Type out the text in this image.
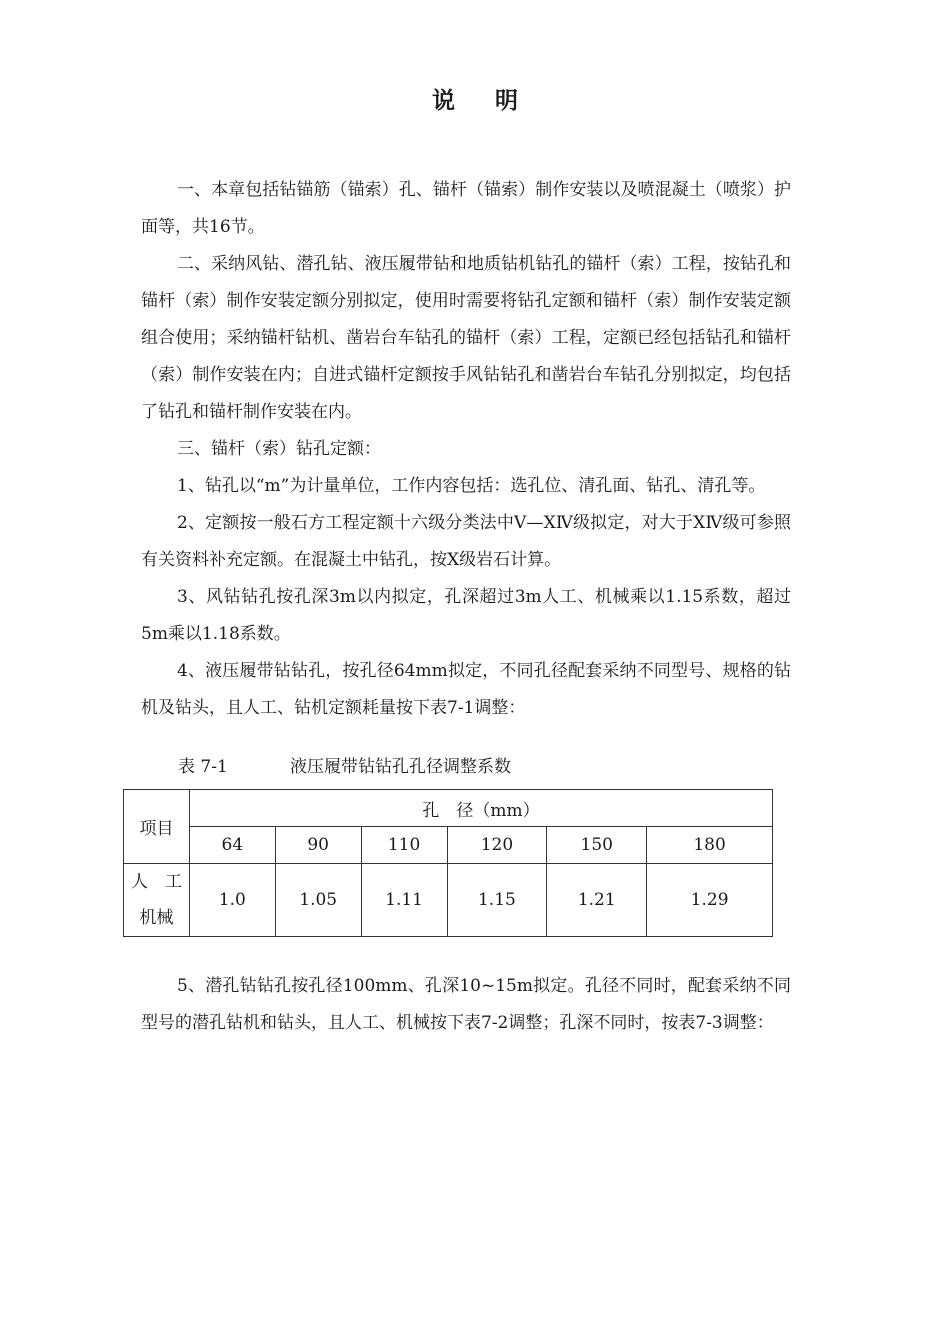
说 明

一、本章包括钻锚筋（锚索）孔、锚杆（锚索）制作安装以及喷混凝土（喷浆）护面等，共16节。

二、采纳风钻、潜孔钻、液压履带钻和地质钻机钻孔的锚杆（索）工程，按钻孔和锚杆（索）制作安装定额分别拟定，使用时需要将钻孔定额和锚杆（索）制作安装定额组合使用；采纳锚杆钻机、凿岩台车钻孔的锚杆（索）工程，定额已经包括钻孔和锚杆（索）制作安装在内；自进式锚杆定额按手风钻钻孔和凿岩台车钻孔分别拟定，均包括了钻孔和锚杆制作安装在内。

三、锚杆（索）钻孔定额：

1、钻孔以“m”为计量单位，工作内容包括：选孔位、清孔面、钻孔、清孔等。

2、定额按一般石方工程定额十六级分类法中Ⅴ—ⅩⅣ级拟定，对大于ⅩⅣ级可参照有关资料补充定额。在混凝土中钻孔，按Ⅹ级岩石计算。

3、风钻钻孔按孔深3m以内拟定，孔深超过3m人工、机械乘以1.15系数，超过5m乘以1.18系数。

4、液压履带钻钻孔，按孔径64mm拟定，不同孔径配套采纳不同型号、规格的钻机及钻头，且人工、钻机定额耗量按下表7-1调整：

表 7-1	液压履带钻钻孔孔径调整系数
项目	孔　径（mm）					
	64	90	110	120	150	180

人　工
机械	1.0	1.05	1.11	1.15	1.21	1.29

5、潜孔钻钻孔按孔径100mm、孔深10~15m拟定。孔径不同时，配套采纳不同型号的潜孔钻机和钻头，且人工、机械按下表7-2调整；孔深不同时，按表7-3调整：
